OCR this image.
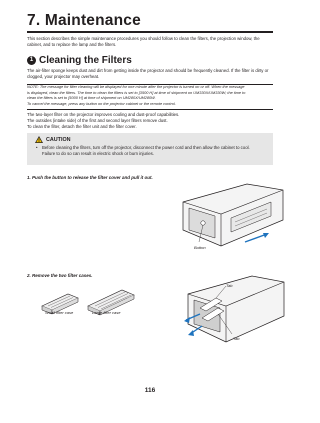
7. Maintenance
This section describes the simple maintenance procedures you should follow to clean the filters, the projection window, the cabinet, and to replace the lamp and the filters.
1 Cleaning the Filters
The air-filter sponge keeps dust and dirt from getting inside the projector and should be frequently cleaned. If the filter is dirty or clogged, your projector may overheat.
NOTE: The message for filter cleaning will be displayed for one minute after the projector is turned on or off. When the message
is displayed, clean the filters. The time to clean the filters is set to [3500 H] at time of shipment on UM330X/UM330W; the time to
clean the filters is set to [5000 H] at time of shipment on UM280X/UM280W.
To cancel the message, press any button on the projector cabinet or the remote control.
The two-layer filter on the projector improves cooling and dust-proof capabilities.
The outsides (intake side) of the first and second layer filters remove dust.
To clean the filter, detach the filter unit and the filter cover.
CAUTION
• Before cleaning the filters, turn off the projector, disconnect the power cord and then allow the cabinet to cool. Failure to do so can result in electric shock or burn injuries.
1. Push the button to release the filter cover and pull it out.
Button
2. Remove the two filter cases.
Small filter case	Large filter case
Tab
Tab
116
